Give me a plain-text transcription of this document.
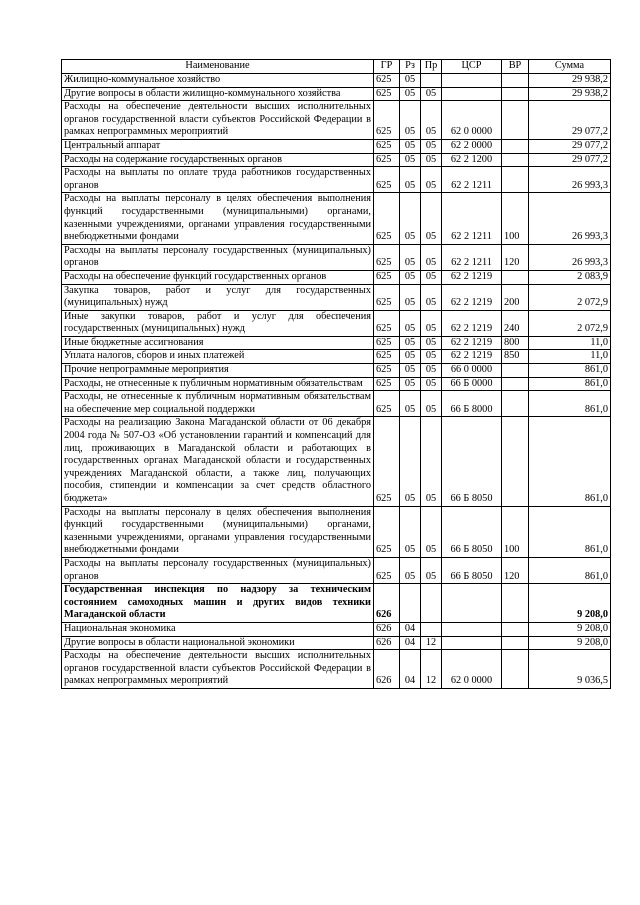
Наименование	ГР	Рз	Пр	ЦСР	ВР	Сумма
Жилищно-коммунальное хозяйство	625	05				29 938,2
Другие вопросы в области жилищно-коммунального хозяйства	625	05	05			29 938,2
Расходы на обеспечение деятельности высших исполнительных органов государственной власти субъектов Российской Федерации в рамках непрограммных мероприятий	625	05	05	62 0 0000		29 077,2
Центральный аппарат	625	05	05	62 2 0000		29 077,2
Расходы на содержание государственных органов	625	05	05	62 2 1200		29 077,2
Расходы на выплаты по оплате труда работников государственных органов	625	05	05	62 2 1211		26 993,3
Расходы на выплаты персоналу в целях обеспечения выполнения функций государственными (муниципальными) органами, казенными учреждениями, органами управления государственными внебюджетными фондами	625	05	05	62 2 1211	100	26 993,3
Расходы на выплаты персоналу государственных (муниципальных) органов	625	05	05	62 2 1211	120	26 993,3
Расходы на обеспечение функций государственных органов	625	05	05	62 2 1219		2 083,9
Закупка товаров, работ и услуг для государственных (муниципальных) нужд	625	05	05	62 2 1219	200	2 072,9
Иные закупки товаров, работ и услуг для обеспечения государственных (муниципальных) нужд	625	05	05	62 2 1219	240	2 072,9
Иные бюджетные ассигнования	625	05	05	62 2 1219	800	11,0
Уплата налогов, сборов и иных платежей	625	05	05	62 2 1219	850	11,0
Прочие непрограммные мероприятия	625	05	05	66 0 0000		861,0
Расходы, не отнесенные к публичным нормативным обязательствам	625	05	05	66 Б 0000		861,0
Расходы, не отнесенные к публичным нормативным обязательствам на обеспечение мер социальной поддержки	625	05	05	66 Б 8000		861,0
Расходы на реализацию Закона Магаданской области от 06 декабря 2004 года № 507-ОЗ «Об установлении гарантий и компенсаций для лиц, проживающих в Магаданской области и работающих в государственных органах Магаданской области и государственных учреждениях Магаданской области, а также лиц, получающих пособия, стипендии и компенсации за счет средств областного бюджета»	625	05	05	66 Б 8050		861,0
Расходы на выплаты персоналу в целях обеспечения выполнения функций государственными (муниципальными) органами, казенными учреждениями, органами управления государственными внебюджетными фондами	625	05	05	66 Б 8050	100	861,0
Расходы на выплаты персоналу государственных (муниципальных) органов	625	05	05	66 Б 8050	120	861,0
Государственная инспекция по надзору за техническим состоянием самоходных машин и других видов техники Магаданской области	626					9 208,0
Национальная экономика	626	04				9 208,0
Другие вопросы в области национальной экономики	626	04	12			9 208,0
Расходы на обеспечение деятельности высших исполнительных органов государственной власти субъектов Российской Федерации в рамках непрограммных мероприятий	626	04	12	62 0 0000		9 036,5
